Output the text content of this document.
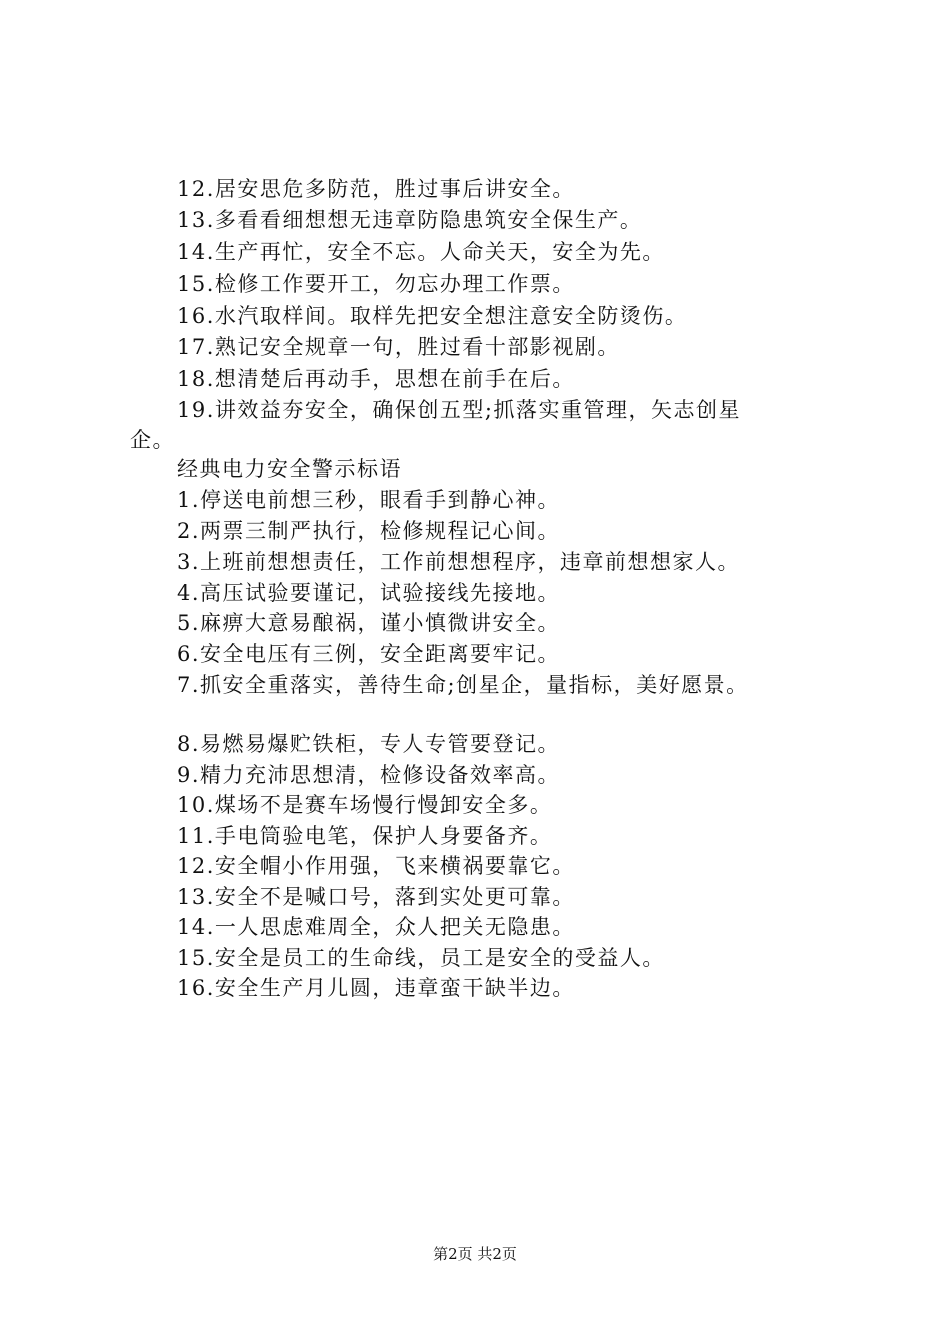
12.居安思危多防范，胜过事后讲安全。
13.多看看细想想无违章防隐患筑安全保生产。
14.生产再忙，安全不忘。人命关天，安全为先。
15.检修工作要开工，勿忘办理工作票。
16.水汽取样间。取样先把安全想注意安全防烫伤。
17.熟记安全规章一句，胜过看十部影视剧。
18.想清楚后再动手，思想在前手在后。
19.讲效益夯安全，确保创五型;抓落实重管理，矢志创星
企。
经典电力安全警示标语
1.停送电前想三秒，眼看手到静心神。
2.两票三制严执行，检修规程记心间。
3.上班前想想责任，工作前想想程序，违章前想想家人。
4.高压试验要谨记，试验接线先接地。
5.麻痹大意易酿祸，谨小慎微讲安全。
6.安全电压有三例，安全距离要牢记。
7.抓安全重落实，善待生命;创星企，量指标，美好愿景。
8.易燃易爆贮铁柜，专人专管要登记。
9.精力充沛思想清，检修设备效率高。
10.煤场不是赛车场慢行慢卸安全多。
11.手电筒验电笔，保护人身要备齐。
12.安全帽小作用强，飞来横祸要靠它。
13.安全不是喊口号，落到实处更可靠。
14.一人思虑难周全，众人把关无隐患。
15.安全是员工的生命线，员工是安全的受益人。
16.安全生产月儿圆，违章蛮干缺半边。
第2页 共2页
